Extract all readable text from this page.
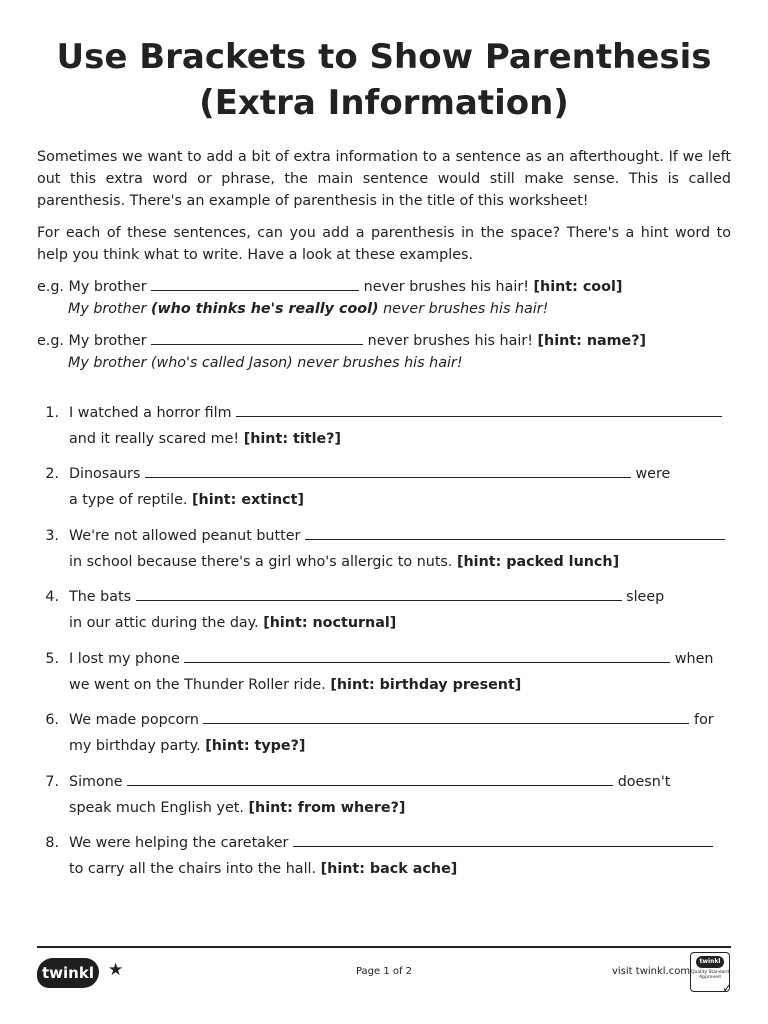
Use Brackets to Show Parenthesis
(Extra Information)

Sometimes we want to add a bit of extra information to a sentence as an afterthought. If we left out this extra word or phrase, the main sentence would still make sense. This is called parenthesis. There's an example of parenthesis in the title of this worksheet!

For each of these sentences, can you add a parenthesis in the space? There's a hint word to help you think what to write. Have a look at these examples.

e.g. My brother	never brushes his hair! [hint: cool]
My brother (who thinks he's really cool) never brushes his hair!
e.g. My brother	never brushes his hair! [hint: name?]
My brother (who's called Jason) never brushes his hair!
1. I watched a horror film
and it really scared me! [hint: title?]
2. Dinosaurs	were
a type of reptile. [hint: extinct]
3. We're not allowed peanut butter
in school because there's a girl who's allergic to nuts. [hint: packed lunch]
4. The bats	sleep
in our attic during the day. [hint: nocturnal]
5. I lost my phone	when
we went on the Thunder Roller ride. [hint: birthday present]
6. We made popcorn	for
my birthday party. [hint: type?]
7. Simone	doesn't
speak much English yet. [hint: from where?]
8. We were helping the caretaker
to carry all the chairs into the hall. [hint: back ache]
twinkl ★	Page 1 of 2	visit twinkl.com
twinkl
Quality Standard Approved
✓
